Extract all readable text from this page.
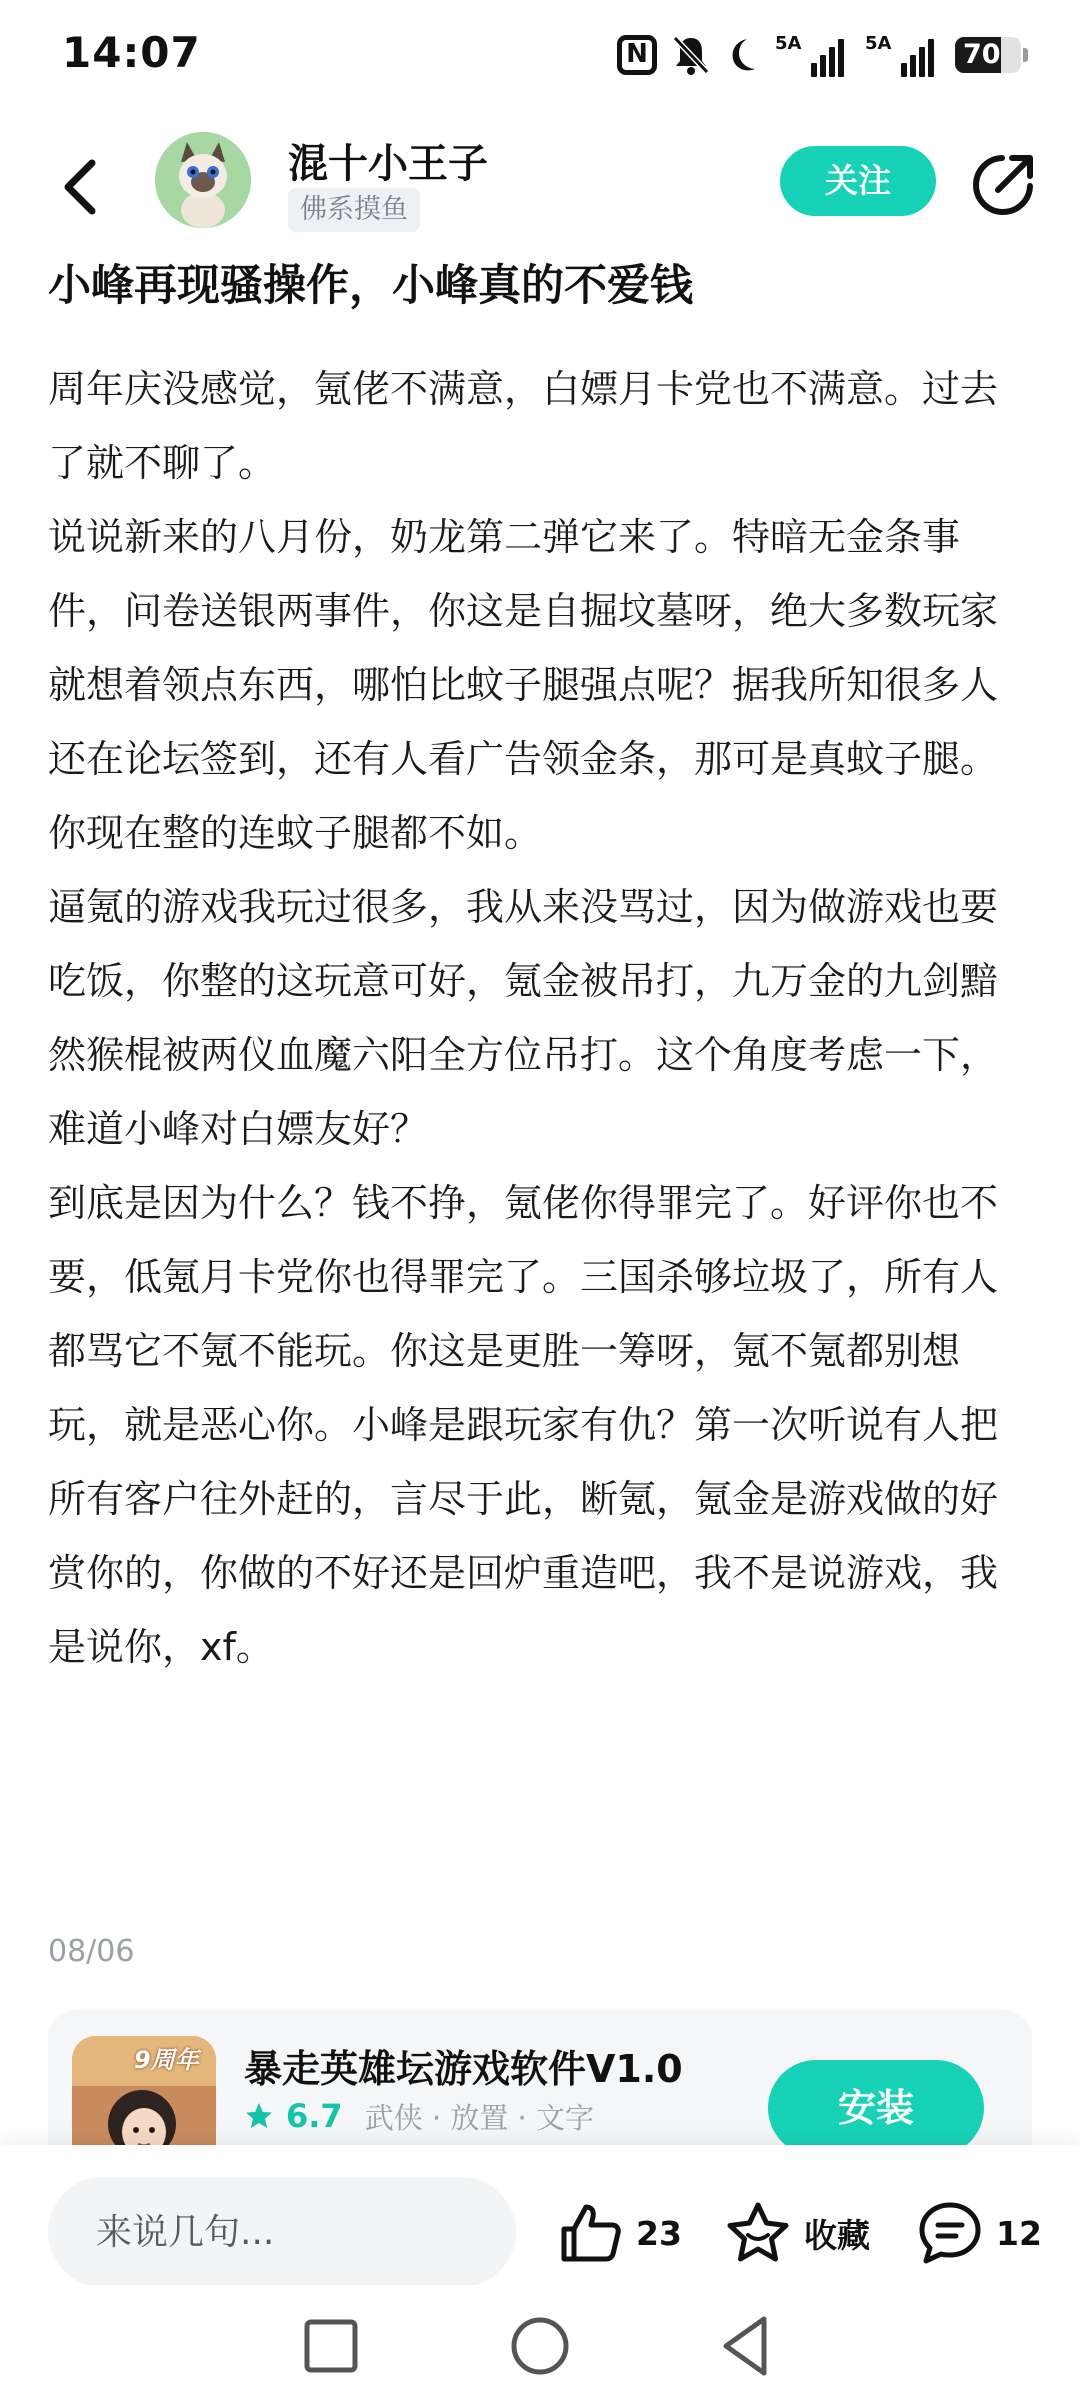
14:07	N	5A	5A	70
混十小王子
佛系摸鱼
关注
小峰再现骚操作，小峰真的不爱钱

周年庆没感觉，氪佬不满意，白嫖月卡党也不满意。过去了就不聊了。

说说新来的八月份，奶龙第二弹它来了。特暗无金条事件，问卷送银两事件，你这是自掘坟墓呀，绝大多数玩家就想着领点东西，哪怕比蚊子腿强点呢？据我所知很多人还在论坛签到，还有人看广告领金条，那可是真蚊子腿。你现在整的连蚊子腿都不如。

逼氪的游戏我玩过很多，我从来没骂过，因为做游戏也要吃饭，你整的这玩意可好，氪金被吊打，九万金的九剑黯然猴棍被两仪血魔六阳全方位吊打。这个角度考虑一下，难道小峰对白嫖友好？

到底是因为什么？钱不挣，氪佬你得罪完了。好评你也不要，低氪月卡党你也得罪完了。三国杀够垃圾了，所有人都骂它不氪不能玩。你这是更胜一筹呀，氪不氪都别想玩，就是恶心你。小峰是跟玩家有仇？第一次听说有人把所有客户往外赶的，言尽于此，断氪，氪金是游戏做的好赏你的，你做的不好还是回炉重造吧，我不是说游戏，我是说你，xf。

08/06
9周年 暴走英雄坛游戏软件V1.0
6.7 武侠 · 放置 · 文字	安装
来说几句...
23	收藏	12
